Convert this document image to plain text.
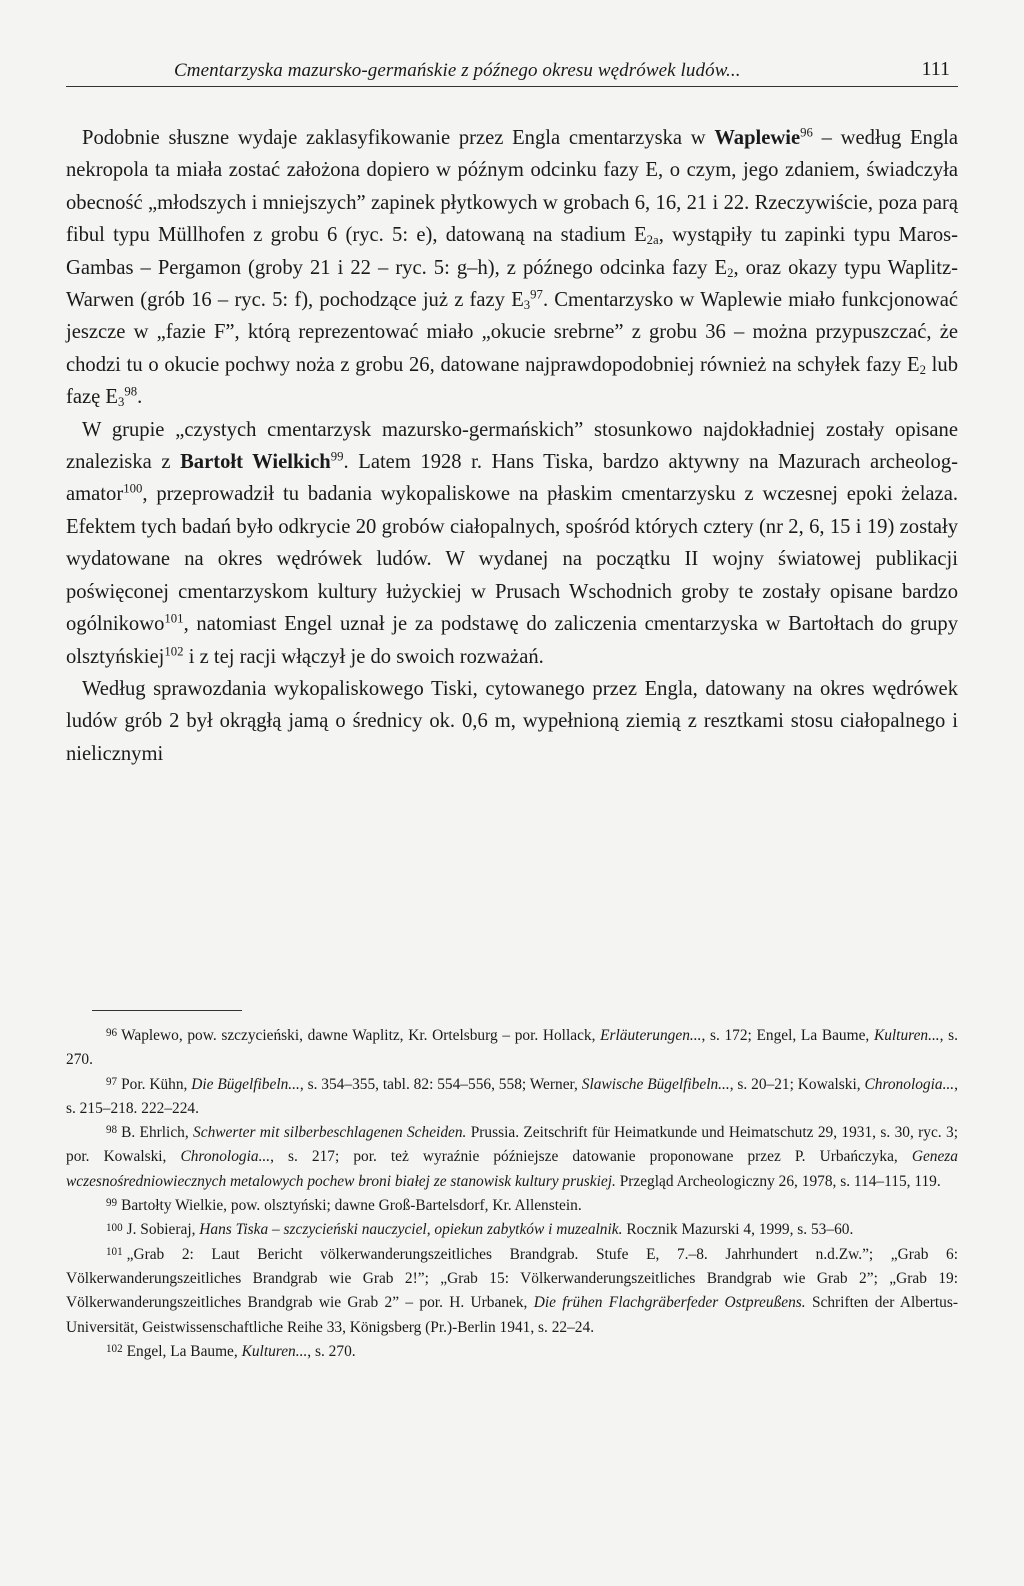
Cmentarzyska mazursko-germańskie z późnego okresu wędrówek ludów...	111

Podobnie słuszne wydaje zaklasyfikowanie przez Engla cmentarzyska w Waplewie$^{96}$ – według Engla nekropola ta miała zostać założona dopiero w późnym odcinku fazy E, o czym, jego zdaniem, świadczyła obecność „młodszych i mniejszych” zapinek płytkowych w grobach 6, 16, 21 i 22. Rzeczywiście, poza parą fibul typu Müllhofen z grobu 6 (ryc. 5: e), datowaną na stadium $E_{2a}$, wystąpiły tu zapinki typu Maros-Gambas – Pergamon (groby 21 i 22 – ryc. 5: g–h), z późnego odcinka fazy $E_2$, oraz okazy typu Waplitz-Warwen (grób 16 – ryc. 5: f), pochodzące już z fazy $E_3^{97}$. Cmentarzysko w Waplewie miało funkcjonować jeszcze w „fazie F”, którą reprezentować miało „okucie srebrne” z grobu 36 – można przypuszczać, że chodzi tu o okucie pochwy noża z grobu 26, datowane najprawdopodobniej również na schyłek fazy $E_2$ lub fazę $E_3^{98}$.

W grupie „czystych cmentarzysk mazursko-germańskich” stosunkowo najdokładniej zostały opisane znaleziska z Bartołt Wielkich$^{99}$. Latem 1928 r. Hans Tiska, bardzo aktywny na Mazurach archeolog-amator$^{100}$, przeprowadził tu badania wykopaliskowe na płaskim cmentarzysku z wczesnej epoki żelaza. Efektem tych badań było odkrycie 20 grobów ciałopalnych, spośród których cztery (nr 2, 6, 15 i 19) zostały wydatowane na okres wędrówek ludów. W wydanej na początku II wojny światowej publikacji poświęconej cmentarzyskom kultury łużyckiej w Prusach Wschodnich groby te zostały opisane bardzo ogólnikowo$^{101}$, natomiast Engel uznał je za podstawę do zaliczenia cmentarzyska w Bartołtach do grupy olsztyńskiej$^{102}$ i z tej racji włączył je do swoich rozważań.

Według sprawozdania wykopaliskowego Tiski, cytowanego przez Engla, datowany na okres wędrówek ludów grób 2 był okrągłą jamą o średnicy ok. 0,6 m, wypełnioną ziemią z resztkami stosu ciałopalnego i nielicznymi

$^{96}$ Waplewo, pow. szczycieński, dawne Waplitz, Kr. Ortelsburg – por. Hollack, Erläuterungen..., s. 172; Engel, La Baume, Kulturen..., s. 270.

$^{97}$ Por. Kühn, Die Bügelfibeln..., s. 354–355, tabl. 82: 554–556, 558; Werner, Slawische Bügelfibeln..., s. 20–21; Kowalski, Chronologia..., s. 215–218. 222–224.

$^{98}$ B. Ehrlich, Schwerter mit silberbeschlagenen Scheiden. Prussia. Zeitschrift für Heimatkunde und Heimatschutz 29, 1931, s. 30, ryc. 3; por. Kowalski, Chronologia..., s. 217; por. też wyraźnie późniejsze datowanie proponowane przez P. Urbańczyka, Geneza wczesnośredniowiecznych metalowych pochew broni białej ze stanowisk kultury pruskiej. Przegląd Archeologiczny 26, 1978, s. 114–115, 119.

$^{99}$ Bartołty Wielkie, pow. olsztyński; dawne Groß-Bartelsdorf, Kr. Allenstein.

$^{100}$ J. Sobieraj, Hans Tiska – szczycieński nauczyciel, opiekun zabytków i muzealnik. Rocznik Mazurski 4, 1999, s. 53–60.

$^{101}$ „Grab 2: Laut Bericht völkerwanderungszeitliches Brandgrab. Stufe E, 7.–8. Jahrhundert n.d.Zw.”; „Grab 6: Völkerwanderungszeitliches Brandgrab wie Grab 2!”; „Grab 15: Völkerwanderungszeitliches Brandgrab wie Grab 2”; „Grab 19: Völkerwanderungszeitliches Brandgrab wie Grab 2” – por. H. Urbanek, Die frühen Flachgräberfeder Ostpreußens. Schriften der Albertus-Universität, Geistwissenschaftliche Reihe 33, Königsberg (Pr.)-Berlin 1941, s. 22–24.

$^{102}$ Engel, La Baume, Kulturen..., s. 270.
